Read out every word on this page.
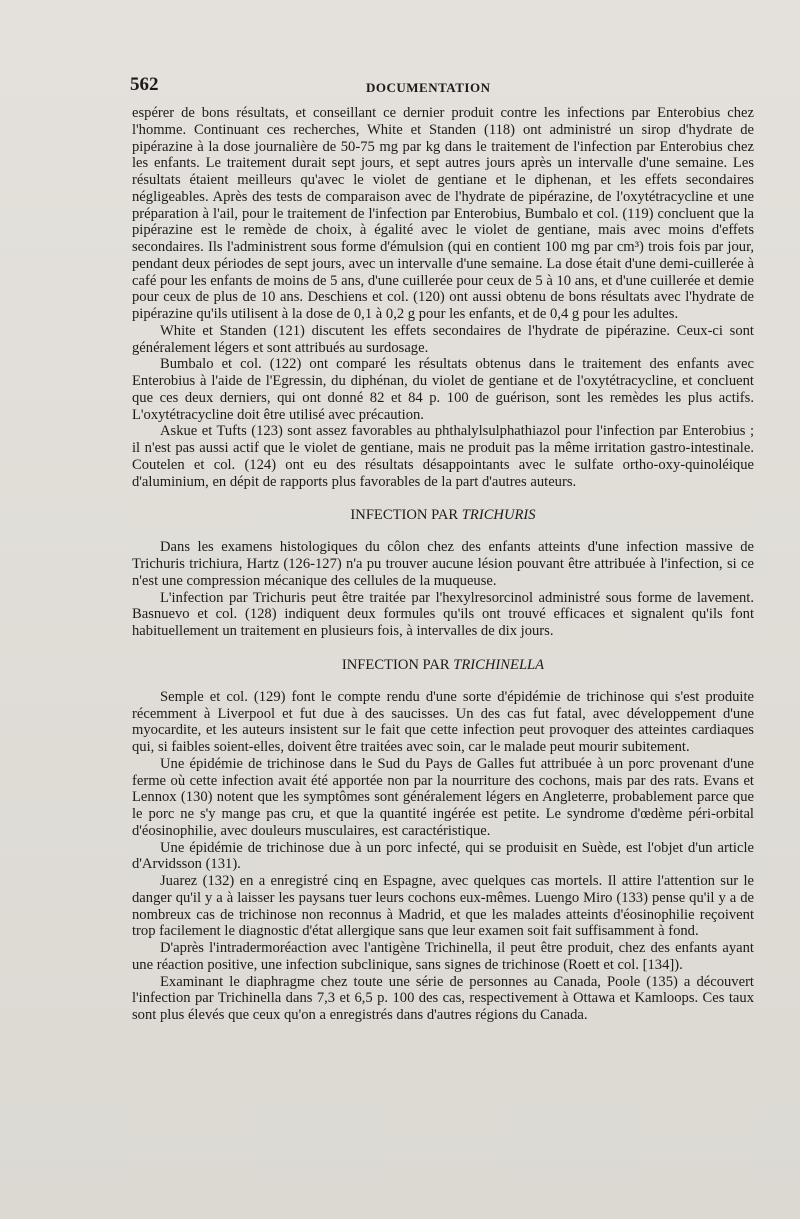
562	DOCUMENTATION

espérer de bons résultats, et conseillant ce dernier produit contre les infections par Enterobius chez l'homme. Continuant ces recherches, White et Standen (118) ont administré un sirop d'hydrate de pipérazine à la dose journalière de 50-75 mg par kg dans le traitement de l'infection par Enterobius chez les enfants. Le traitement durait sept jours, et sept autres jours après un intervalle d'une semaine. Les résultats étaient meilleurs qu'avec le violet de gentiane et le diphenan, et les effets secondaires négligeables. Après des tests de comparaison avec de l'hydrate de pipérazine, de l'oxytétracycline et une préparation à l'ail, pour le traitement de l'infection par Enterobius, Bumbalo et col. (119) concluent que la pipérazine est le remède de choix, à égalité avec le violet de gentiane, mais avec moins d'effets secondaires. Ils l'administrent sous forme d'émulsion (qui en contient 100 mg par cm³) trois fois par jour, pendant deux périodes de sept jours, avec un intervalle d'une semaine. La dose était d'une demi-cuillerée à café pour les enfants de moins de 5 ans, d'une cuillerée pour ceux de 5 à 10 ans, et d'une cuillerée et demie pour ceux de plus de 10 ans. Deschiens et col. (120) ont aussi obtenu de bons résultats avec l'hydrate de pipérazine qu'ils utilisent à la dose de 0,1 à 0,2 g pour les enfants, et de 0,4 g pour les adultes.

White et Standen (121) discutent les effets secondaires de l'hydrate de pipérazine. Ceux-ci sont généralement légers et sont attribués au surdosage.

Bumbalo et col. (122) ont comparé les résultats obtenus dans le traitement des enfants avec Enterobius à l'aide de l'Egressin, du diphénan, du violet de gentiane et de l'oxytétracycline, et concluent que ces deux derniers, qui ont donné 82 et 84 p. 100 de guérison, sont les remèdes les plus actifs. L'oxytétracycline doit être utilisé avec précaution.

Askue et Tufts (123) sont assez favorables au phthalylsulphathiazol pour l'infection par Enterobius ; il n'est pas aussi actif que le violet de gentiane, mais ne produit pas la même irritation gastro-intestinale. Coutelen et col. (124) ont eu des résultats désappointants avec le sulfate ortho-oxy-quinoléique d'aluminium, en dépit de rapports plus favorables de la part d'autres auteurs.

INFECTION PAR TRICHURIS

Dans les examens histologiques du côlon chez des enfants atteints d'une infection massive de Trichuris trichiura, Hartz (126-127) n'a pu trouver aucune lésion pouvant être attribuée à l'infection, si ce n'est une compression mécanique des cellules de la muqueuse.

L'infection par Trichuris peut être traitée par l'hexylresorcinol administré sous forme de lavement. Basnuevo et col. (128) indiquent deux formules qu'ils ont trouvé efficaces et signalent qu'ils font habituellement un traitement en plusieurs fois, à intervalles de dix jours.

INFECTION PAR TRICHINELLA

Semple et col. (129) font le compte rendu d'une sorte d'épidémie de trichinose qui s'est produite récemment à Liverpool et fut due à des saucisses. Un des cas fut fatal, avec développement d'une myocardite, et les auteurs insistent sur le fait que cette infection peut provoquer des atteintes cardiaques qui, si faibles soient-elles, doivent être traitées avec soin, car le malade peut mourir subitement.

Une épidémie de trichinose dans le Sud du Pays de Galles fut attribuée à un porc provenant d'une ferme où cette infection avait été apportée non par la nourriture des cochons, mais par des rats. Evans et Lennox (130) notent que les symptômes sont généralement légers en Angleterre, probablement parce que le porc ne s'y mange pas cru, et que la quantité ingérée est petite. Le syndrome d'œdème péri-orbital d'éosinophilie, avec douleurs musculaires, est caractéristique.

Une épidémie de trichinose due à un porc infecté, qui se produisit en Suède, est l'objet d'un article d'Arvidsson (131).

Juarez (132) en a enregistré cinq en Espagne, avec quelques cas mortels. Il attire l'attention sur le danger qu'il y a à laisser les paysans tuer leurs cochons eux-mêmes. Luengo Miro (133) pense qu'il y a de nombreux cas de trichinose non reconnus à Madrid, et que les malades atteints d'éosinophilie reçoivent trop facilement le diagnostic d'état allergique sans que leur examen soit fait suffisamment à fond.

D'après l'intradermoréaction avec l'antigène Trichinella, il peut être produit, chez des enfants ayant une réaction positive, une infection subclinique, sans signes de trichinose (Roett et col. [134]).

Examinant le diaphragme chez toute une série de personnes au Canada, Poole (135) a découvert l'infection par Trichinella dans 7,3 et 6,5 p. 100 des cas, respectivement à Ottawa et Kamloops. Ces taux sont plus élevés que ceux qu'on a enregistrés dans d'autres régions du Canada.
